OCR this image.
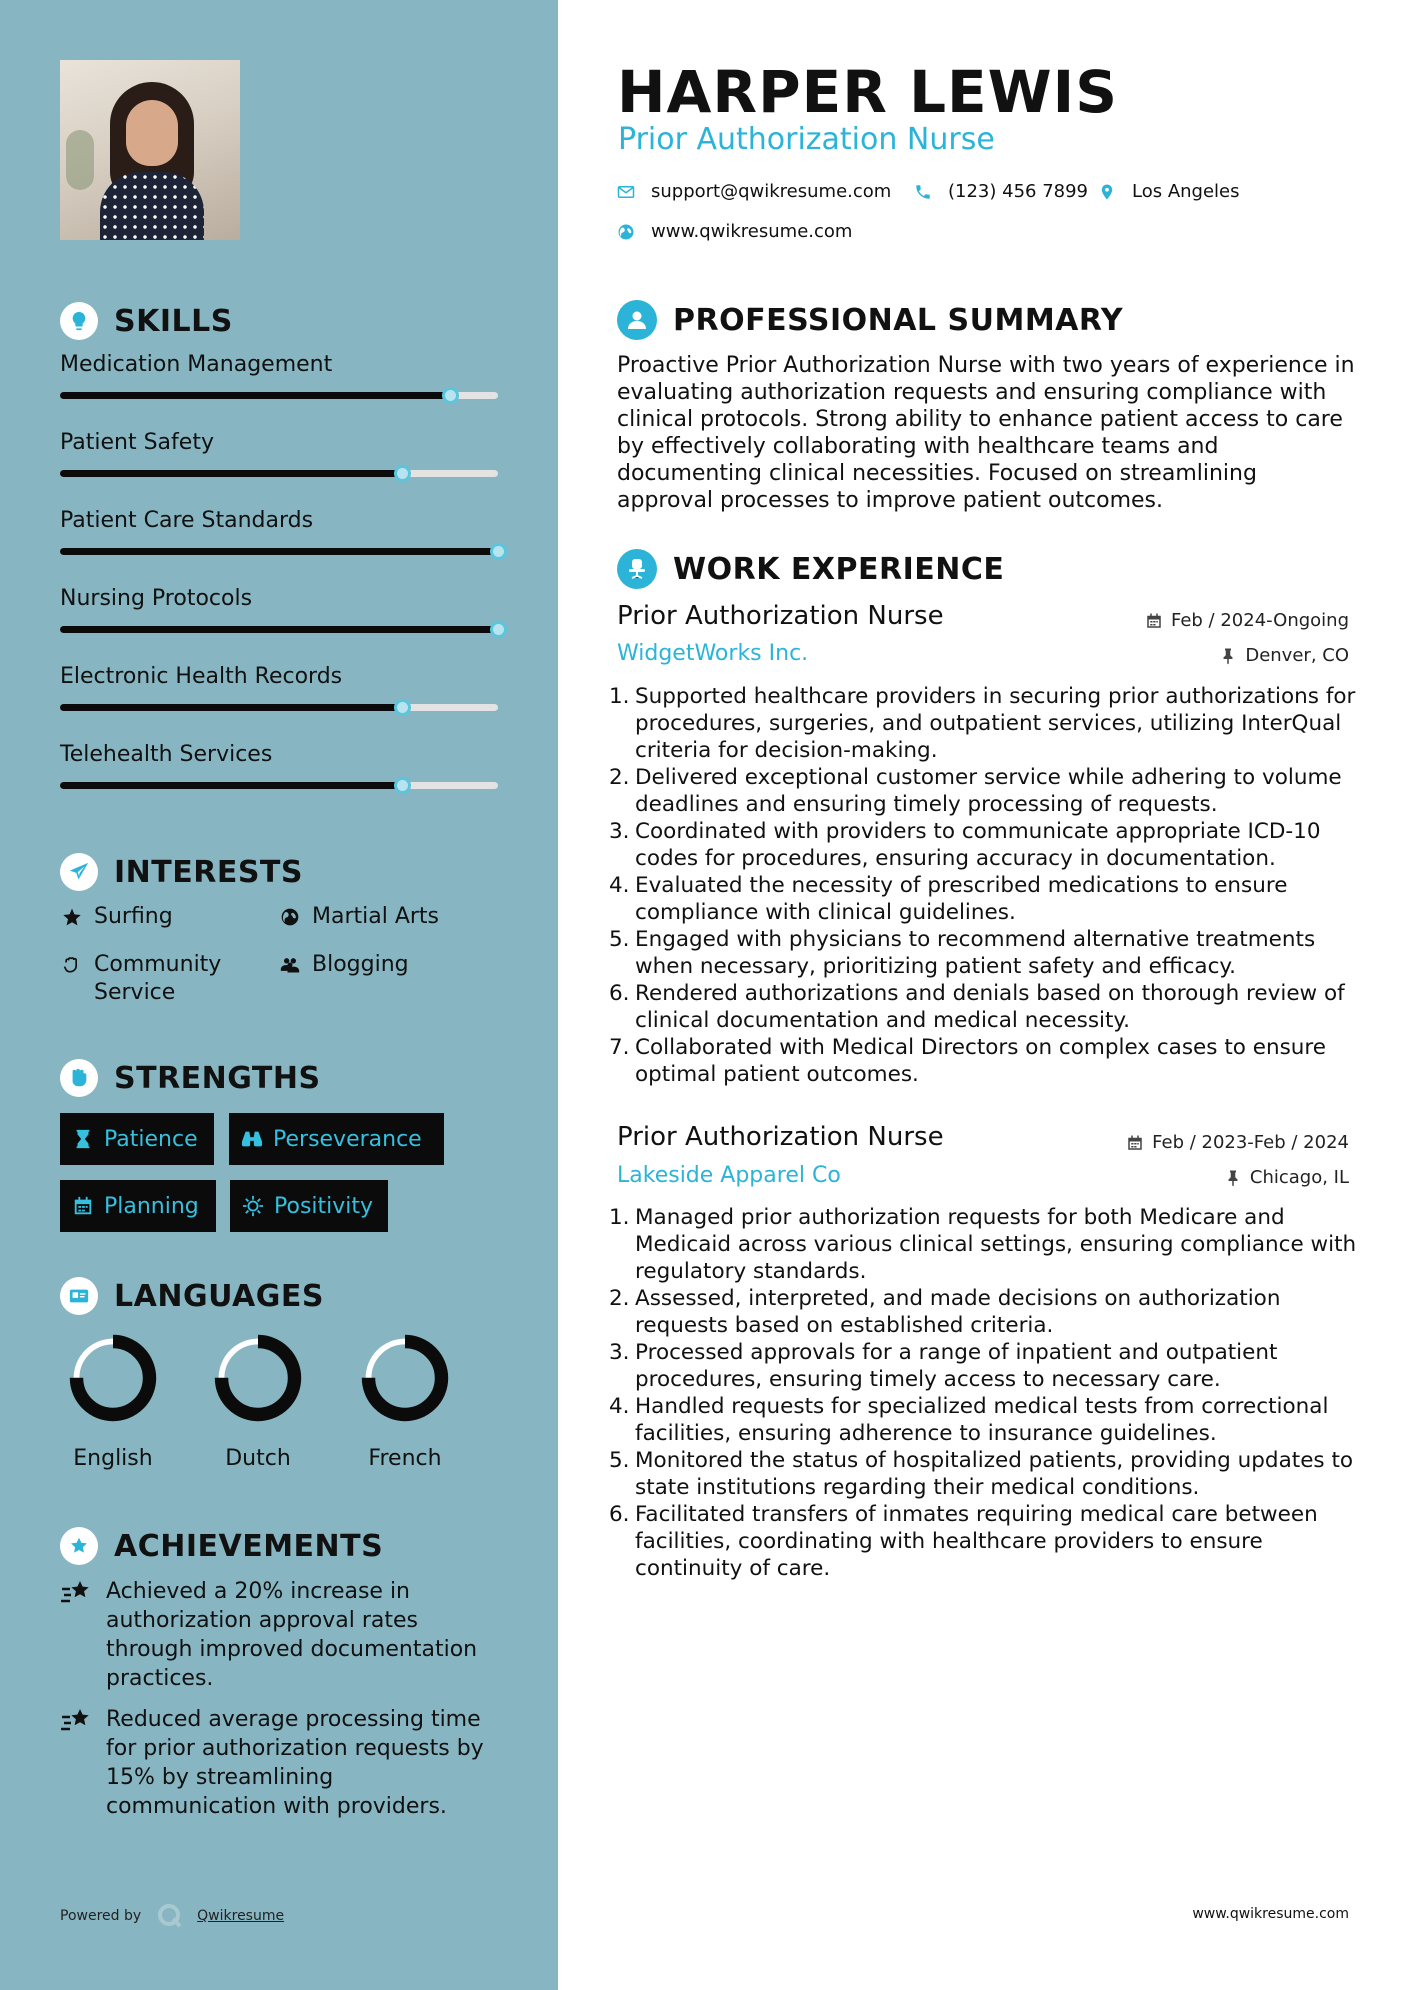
SKILLS
Medication Management
Patient Safety
Patient Care Standards
Nursing Protocols
Electronic Health Records
Telehealth Services
INTERESTS
Surfing	Martial Arts
Community Service
Blogging
STRENGTHS
Patience	Perseverance
Planning	Positivity
LANGUAGES
English	Dutch	French
ACHIEVEMENTS
Achieved a 20% increase in authorization approval rates through improved documentation practices.
Reduced average processing time for prior authorization requests by 15% by streamlining communication with providers.
Powered by	Qwikresume
HARPER LEWIS
Prior Authorization Nurse
support@qwikresume.com	(123) 456 7899 Los Angeles
www.qwikresume.com
PROFESSIONAL SUMMARY
Proactive Prior Authorization Nurse with two years of experience in evaluating authorization requests and ensuring compliance with clinical protocols. Strong ability to enhance patient access to care by effectively collaborating with healthcare teams and documenting clinical necessities. Focused on streamlining approval processes to improve patient outcomes.
WORK EXPERIENCE
Prior Authorization Nurse	Feb / 2024-Ongoing
WidgetWorks Inc.	Denver, CO
1. Supported healthcare providers in securing prior authorizations for procedures, surgeries, and outpatient services, utilizing InterQual criteria for decision-making.
2. Delivered exceptional customer service while adhering to volume deadlines and ensuring timely processing of requests.
3. Coordinated with providers to communicate appropriate ICD-10 codes for procedures, ensuring accuracy in documentation.
4. Evaluated the necessity of prescribed medications to ensure compliance with clinical guidelines.
5. Engaged with physicians to recommend alternative treatments when necessary, prioritizing patient safety and efficacy.
6. Rendered authorizations and denials based on thorough review of clinical documentation and medical necessity.
7. Collaborated with Medical Directors on complex cases to ensure optimal patient outcomes.
Prior Authorization Nurse	Feb / 2023-Feb / 2024
Lakeside Apparel Co	Chicago, IL
1. Managed prior authorization requests for both Medicare and Medicaid across various clinical settings, ensuring compliance with regulatory standards.
2. Assessed, interpreted, and made decisions on authorization requests based on established criteria.
3. Processed approvals for a range of inpatient and outpatient procedures, ensuring timely access to necessary care.
4. Handled requests for specialized medical tests from correctional facilities, ensuring adherence to insurance guidelines.
5. Monitored the status of hospitalized patients, providing updates to state institutions regarding their medical conditions.
6. Facilitated transfers of inmates requiring medical care between facilities, coordinating with healthcare providers to ensure continuity of care.
www.qwikresume.com
